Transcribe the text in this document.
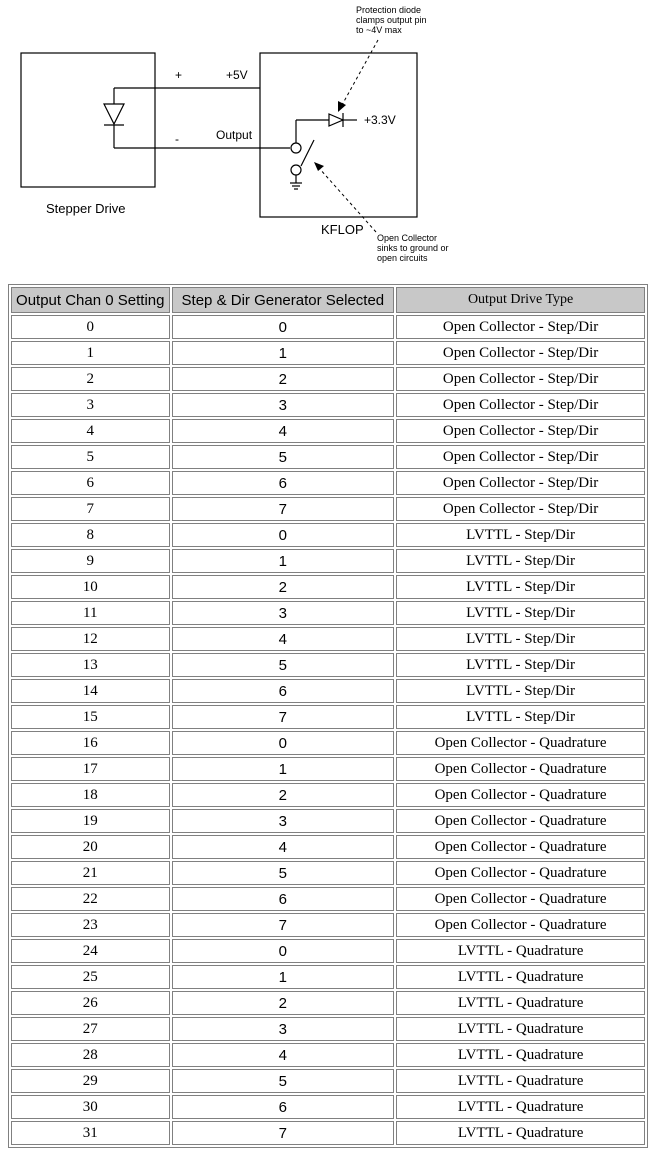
+	+5V
-	Output
+3.3V
Stepper Drive
KFLOP
Protection diode
clamps output pin
to ~4V max
Open Collector
sinks to ground or
open circuits
Output Chan 0 Setting	Step & Dir Generator Selected	Output Drive Type
0	0	Open Collector - Step/Dir
1	1	Open Collector - Step/Dir
2	2	Open Collector - Step/Dir
3	3	Open Collector - Step/Dir
4	4	Open Collector - Step/Dir
5	5	Open Collector - Step/Dir
6	6	Open Collector - Step/Dir
7	7	Open Collector - Step/Dir
8	0	LVTTL - Step/Dir
9	1	LVTTL - Step/Dir
10	2	LVTTL - Step/Dir
11	3	LVTTL - Step/Dir
12	4	LVTTL - Step/Dir
13	5	LVTTL - Step/Dir
14	6	LVTTL - Step/Dir
15	7	LVTTL - Step/Dir
16	0	Open Collector - Quadrature
17	1	Open Collector - Quadrature
18	2	Open Collector - Quadrature
19	3	Open Collector - Quadrature
20	4	Open Collector - Quadrature
21	5	Open Collector - Quadrature
22	6	Open Collector - Quadrature
23	7	Open Collector - Quadrature
24	0	LVTTL - Quadrature
25	1	LVTTL - Quadrature
26	2	LVTTL - Quadrature
27	3	LVTTL - Quadrature
28	4	LVTTL - Quadrature
29	5	LVTTL - Quadrature
30	6	LVTTL - Quadrature
31	7	LVTTL - Quadrature
